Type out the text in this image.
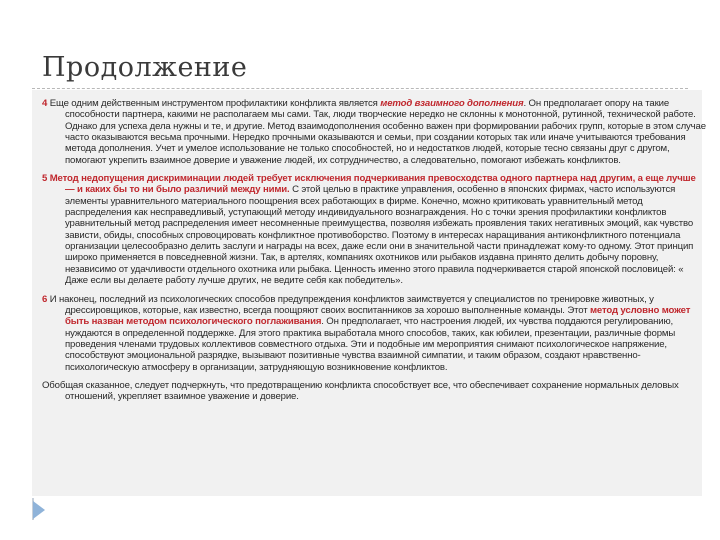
Продолжение

4 Еще одним действенным инструментом профилактики конфликта является метод взаимного дополнения. Он предполагает опору на такие способности партнера, какими не располагаем мы сами. Так, люди творческие нередко не склонны к монотонной, рутинной, технической работе. Однако для успеха дела нужны и те, и другие. Метод взаимодополнения особенно важен при формировании рабочих групп, которые в этом случае часто оказываются весьма прочными. Нередко прочными оказываются и семьи, при создании которых так или иначе учитываются требования метода дополнения. Учет и умелое использование не только способностей, но и недостатков людей, которые тесно связаны друг с другом, помогают укрепить взаимное доверие и уважение людей, их сотрудничество, а следовательно, помогают избежать конфликтов.

5 Метод недопущения дискриминации людей требует исключения подчеркивания превосходства одного партнера над другим, а еще лучше — и каких бы то ни было различий между ними. С этой целью в практике управления, особенно в японских фирмах, часто используются элементы уравнительного материального поощрения всех работающих в фирме. Конечно, можно критиковать уравнительный метод распределения как несправедливый, уступающий методу индивидуального вознаграждения. Но с точки зрения профилактики конфликтов уравнительный метод распределения имеет несомненные преимущества, позволяя избежать проявления таких негативных эмоций, как чувство зависти, обиды, способных спровоцировать конфликтное противоборство. Поэтому в интересах наращивания антиконфликтного потенциала организации целесообразно делить заслуги и награды на всех, даже если они в значительной части принадлежат кому-то одному. Этот принцип широко применяется в повседневной жизни. Так, в артелях, компаниях охотников или рыбаков издавна принято делить добычу поровну, независимо от удачливости отдельного охотника или рыбака. Ценность именно этого правила подчеркивается старой японской пословицей: « Даже если вы делаете работу лучше других, не ведите себя как победитель».

6 И наконец, последний из психологических способов предупреждения конфликтов заимствуется у специалистов по тренировке животных, у дрессировщиков, которые, как известно, всегда поощряют своих воспитанников за хорошо выполненные команды. Этот метод условно может быть назван методом психологического поглаживания. Он предполагает, что настроения людей, их чувства поддаются регулированию, нуждаются в определенной поддержке. Для этого практика выработала много способов, таких, как юбилеи, презентации, различные формы проведения членами трудовых коллективов совместного отдыха. Эти и подобные им мероприятия снимают психологическое напряжение, способствуют эмоциональной разрядке, вызывают позитивные чувства взаимной симпатии, и таким образом, создают нравственно-психологическую атмосферу в организации, затрудняющую возникновение конфликтов.

Обобщая сказанное, следует подчеркнуть, что предотвращению конфликта способствует все, что обеспечивает сохранение нормальных деловых отношений, укрепляет взаимное уважение и доверие.
